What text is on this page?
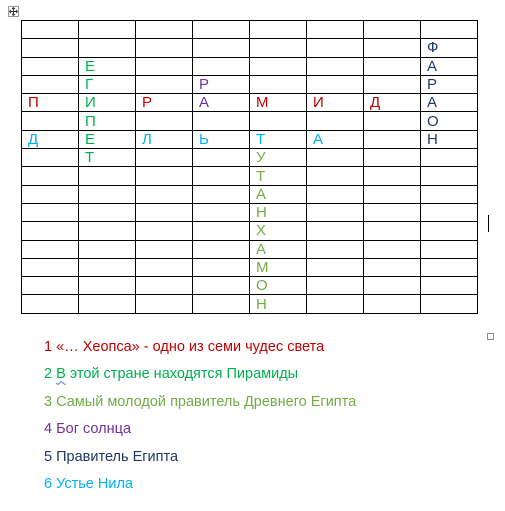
							Ф
	Е						А
	Г		Р				Р
П	И	Р	А	М	И	Д	А
	П						О
Д	Е	Л	Ь	Т	А		Н
	Т			У			
				Т			
				А			
				Н			
				Х			
				А			
				М			
				О			
				Н			
1 «… Хеопса» - одно из семи чудес света
2 В этой стране находятся Пирамиды
3 Самый молодой правитель Древнего Египта
4 Бог солнца
5 Правитель Египта
6 Устье Нила
